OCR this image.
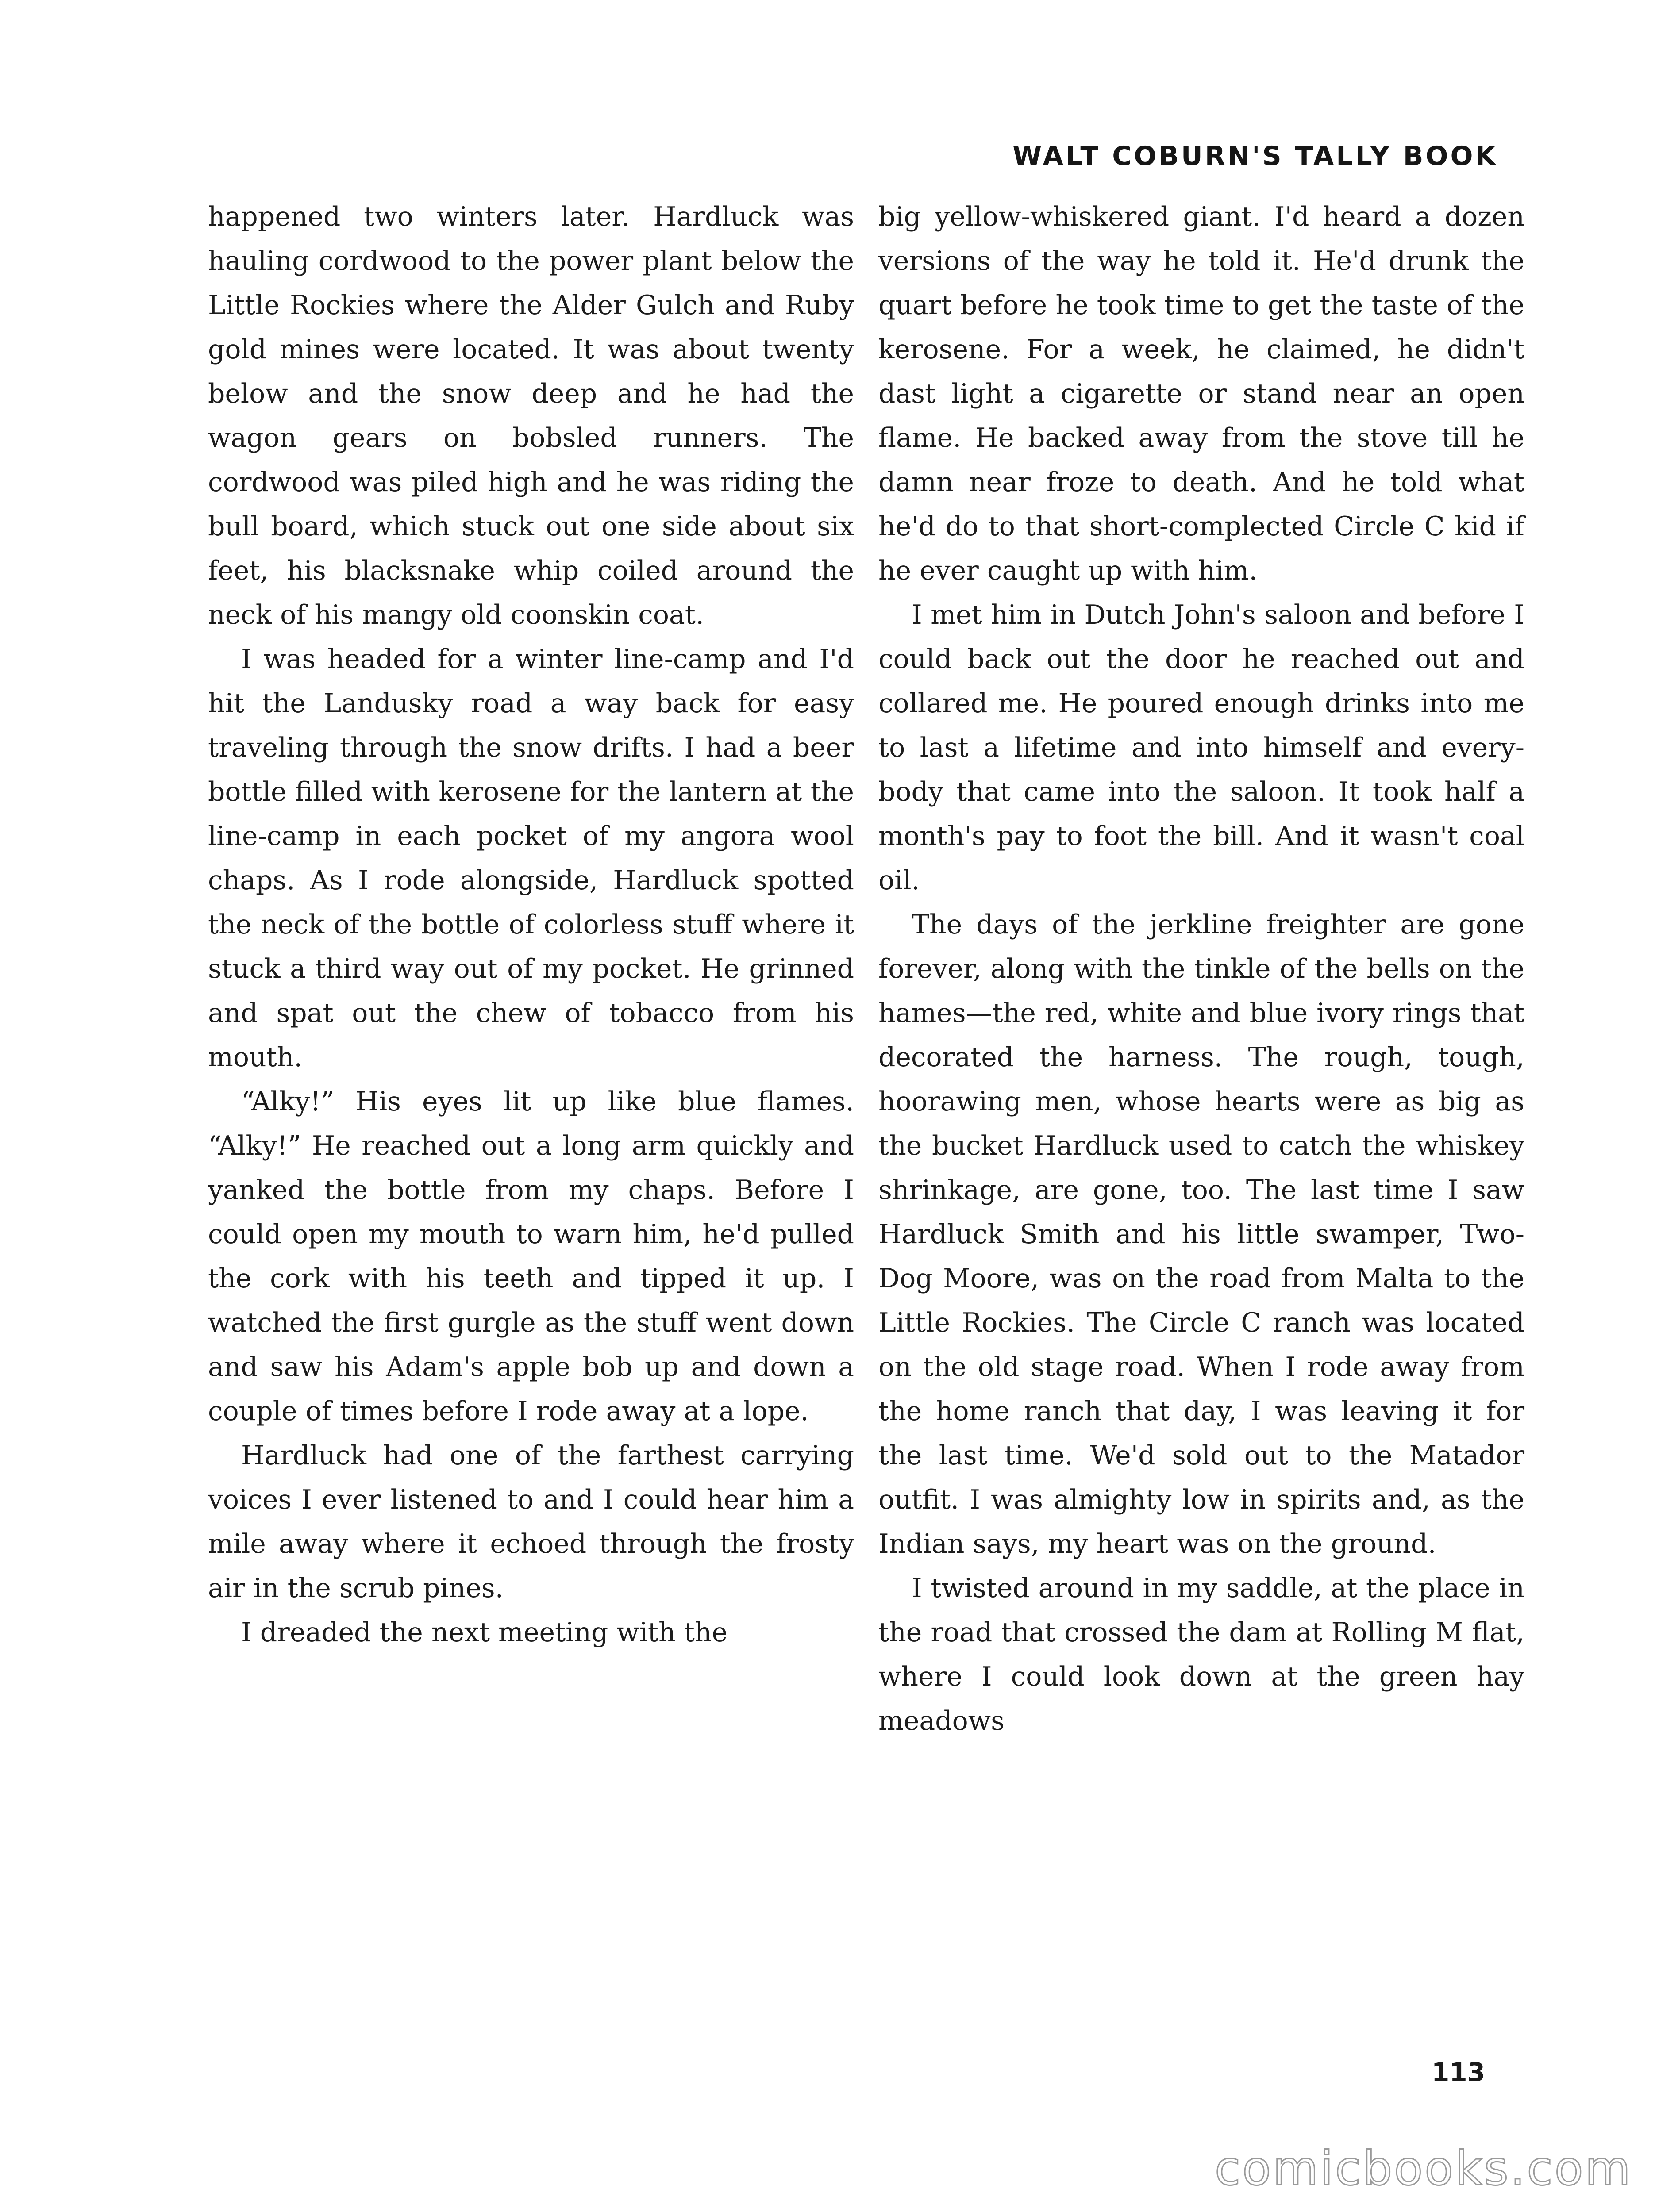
WALT COBURN'S TALLY BOOK

happened two winters later. Hardluck was hauling cordwood to the power plant below the Little Rockies where the Alder Gulch and Ruby gold mines were located. It was about twenty below and the snow deep and he had the wagon gears on bobsled runners. The cordwood was piled high and he was riding the bull board, which stuck out one side about six feet, his blacksnake whip coiled around the neck of his mangy old coonskin coat.

I was headed for a winter line-camp and I'd hit the Landusky road a way back for easy traveling through the snow drifts. I had a beer bottle filled with kerosene for the lantern at the line-camp in each pocket of my angora wool chaps. As I rode alongside, Hardluck spotted the neck of the bottle of colorless stuff where it stuck a third way out of my pocket. He grinned and spat out the chew of tobacco from his mouth.

“Alky!” His eyes lit up like blue flames. “Alky!” He reached out a long arm quickly and yanked the bottle from my chaps. Before I could open my mouth to warn him, he'd pulled the cork with his teeth and tipped it up. I watched the first gurgle as the stuff went down and saw his Adam's apple bob up and down a couple of times before I rode away at a lope.

Hardluck had one of the farthest carrying voices I ever listened to and I could hear him a mile away where it echoed through the frosty air in the scrub pines.

I dreaded the next meeting with the

big yellow-whiskered giant. I'd heard a dozen versions of the way he told it. He'd drunk the quart before he took time to get the taste of the kerosene. For a week, he claimed, he didn't dast light a cigarette or stand near an open flame. He backed away from the stove till he damn near froze to death. And he told what he'd do to that short-complected Circle C kid if he ever caught up with him.

I met him in Dutch John's saloon and before I could back out the door he reached out and collared me. He poured enough drinks into me to last a lifetime and into himself and everybody that came into the saloon. It took half a month's pay to foot the bill. And it wasn't coal oil.

The days of the jerkline freighter are gone forever, along with the tinkle of the bells on the hames—the red, white and blue ivory rings that decorated the harness. The rough, tough, hoorawing men, whose hearts were as big as the bucket Hardluck used to catch the whiskey shrinkage, are gone, too. The last time I saw Hardluck Smith and his little swamper, Two-Dog Moore, was on the road from Malta to the Little Rockies. The Circle C ranch was located on the old stage road. When I rode away from the home ranch that day, I was leaving it for the last time. We'd sold out to the Matador outfit. I was almighty low in spirits and, as the Indian says, my heart was on the ground.

I twisted around in my saddle, at the place in the road that crossed the dam at Rolling M flat, where I could look down at the green hay meadows

113
comicbooks.com
